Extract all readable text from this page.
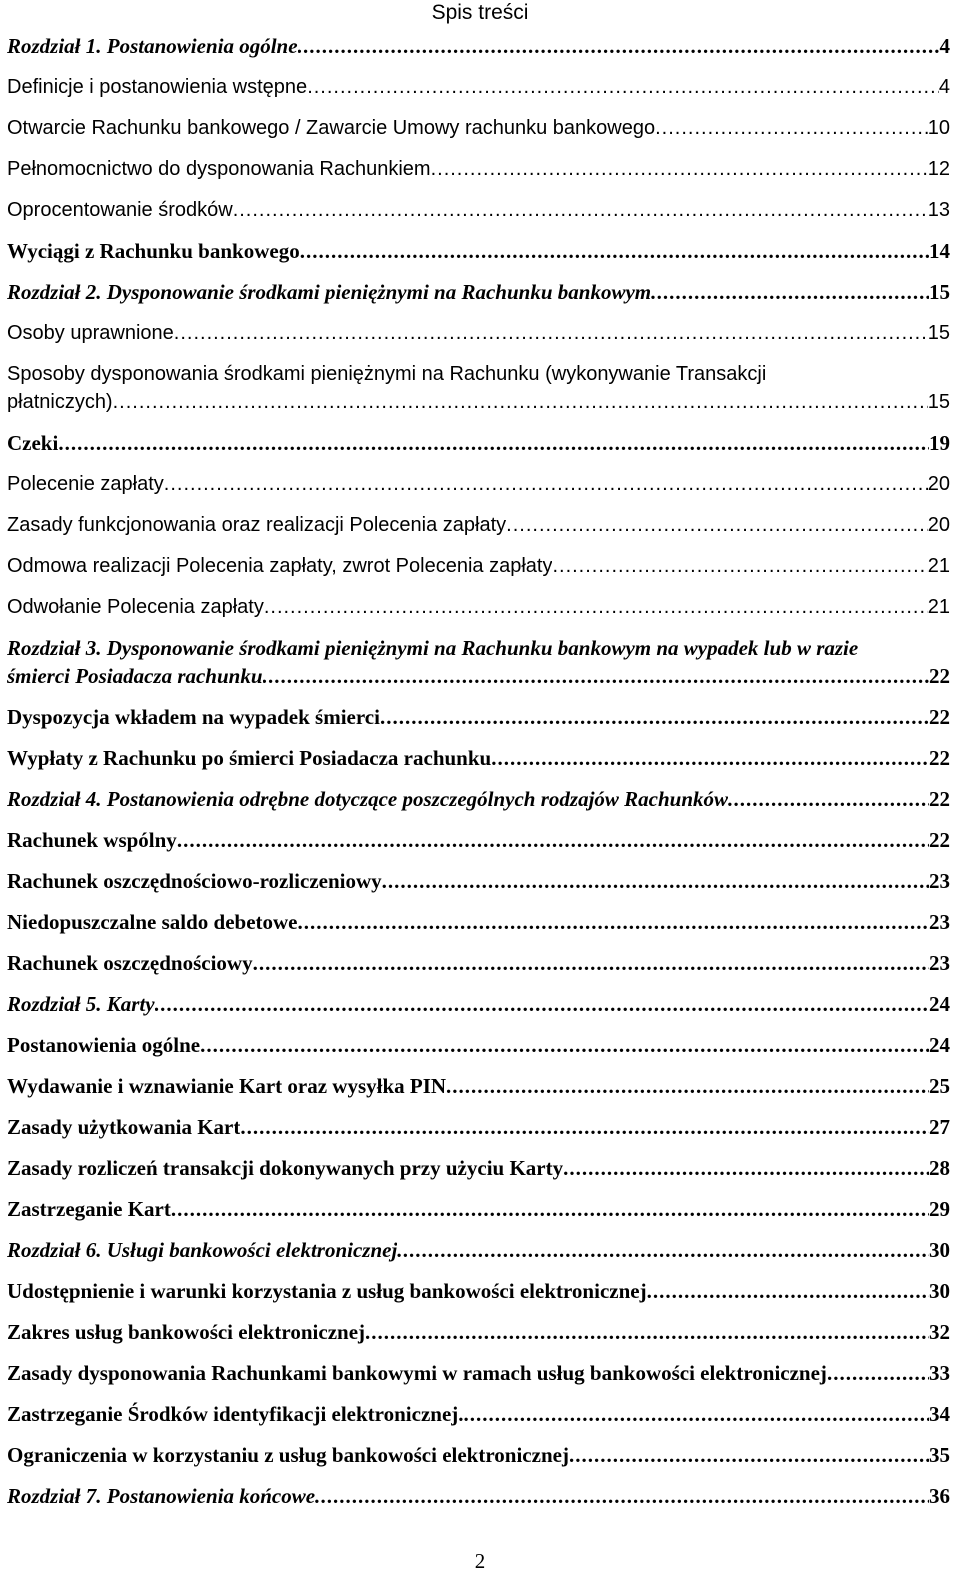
Spis treści
Rozdział 1. Postanowienia ogólne .....	4
Definicje i postanowienia wstępne .....	4
Otwarcie Rachunku bankowego / Zawarcie Umowy rachunku bankowego .....	10
Pełnomocnictwo do dysponowania Rachunkiem .....	12
Oprocentowanie środków .....	13
Wyciągi z Rachunku bankowego .....	14
Rozdział 2. Dysponowanie środkami pieniężnymi na Rachunku bankowym .....	15
Osoby uprawnione .....	15
Sposoby dysponowania środkami pieniężnymi na Rachunku (wykonywanie Transakcji
płatniczych) .....	15
Czeki .....	19
Polecenie zapłaty .....	20
Zasady funkcjonowania oraz realizacji Polecenia zapłaty .....	20
Odmowa realizacji Polecenia zapłaty, zwrot Polecenia zapłaty .....	21
Odwołanie Polecenia zapłaty .....	21
Rozdział 3. Dysponowanie środkami pieniężnymi na Rachunku bankowym na wypadek lub w razie
śmierci Posiadacza rachunku .....	22
Dyspozycja wkładem na wypadek śmierci .....	22
Wypłaty z Rachunku po śmierci Posiadacza rachunku .....	22
Rozdział 4. Postanowienia odrębne dotyczące poszczególnych rodzajów Rachunków .....	22
Rachunek wspólny .....	22
Rachunek oszczędnościowo-rozliczeniowy .....	23
Niedopuszczalne saldo debetowe .....	23
Rachunek oszczędnościowy .....	23
Rozdział 5. Karty .....	24
Postanowienia ogólne .....	24
Wydawanie i wznawianie Kart oraz wysyłka PIN .....	25
Zasady użytkowania Kart .....	27
Zasady rozliczeń transakcji dokonywanych przy użyciu Karty .....	28
Zastrzeganie Kart .....	29
Rozdział 6. Usługi bankowości elektronicznej .....	30
Udostępnienie i warunki korzystania z usług bankowości elektronicznej .....	30
Zakres usług bankowości elektronicznej .....	32
Zasady dysponowania Rachunkami bankowymi w ramach usług bankowości elektronicznej .....	33
Zastrzeganie Środków identyfikacji elektronicznej. .....	34
Ograniczenia w korzystaniu z usług bankowości elektronicznej .....	35
Rozdział 7. Postanowienia końcowe .....	36
2
